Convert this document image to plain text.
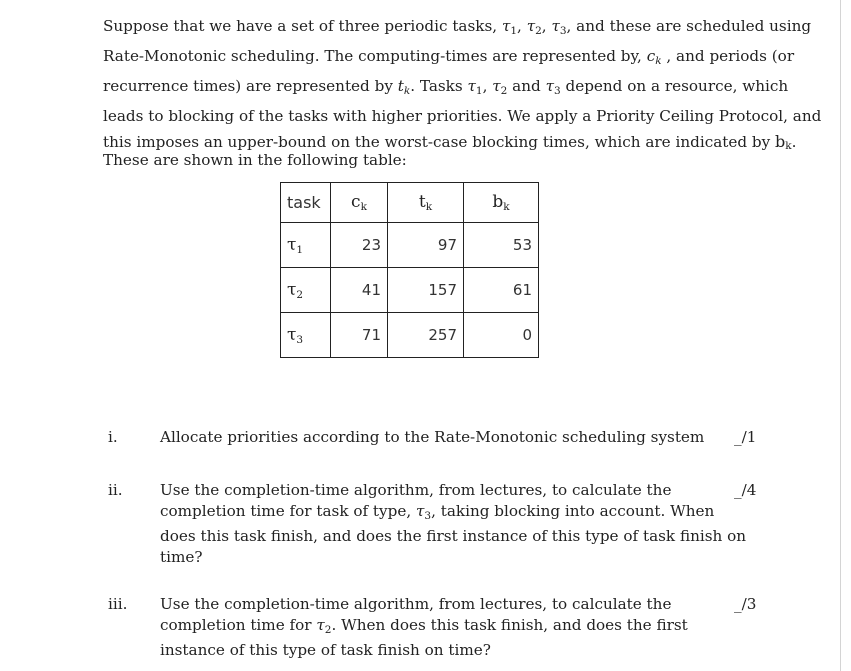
Suppose that we have a set of three periodic tasks, $\tau_1$, $\tau_2$, $\tau_3$, and these are scheduled using
Rate-Monotonic scheduling. The computing-times are represented by, ck , and periods (or
recurrence times) are represented by tk. Tasks $\tau_1$, $\tau_2$ and $\tau_3$ depend on a resource, which
leads to blocking of the tasks with higher priorities. We apply a Priority Ceiling Protocol, and
this imposes an upper-bound on the worst-case blocking times, which are indicated by bk.
These are shown in the following table:
task	ck	tk	bk
τ1	23	97	53
τ2	41	157	61
τ3	71	257	0
i.	Allocate priorities according to the Rate-Monotonic scheduling system	_/1
ii. Use the completion-time algorithm, from lectures, to calculate the
completion time for task of type, $\tau_3$, taking blocking into account. When
does this task finish, and does the first instance of this type of task finish on
time?
_/4
iii. Use the completion-time algorithm, from lectures, to calculate the
completion time for $\tau_2$. When does this task finish, and does the first
instance of this type of task finish on time?
_/3
